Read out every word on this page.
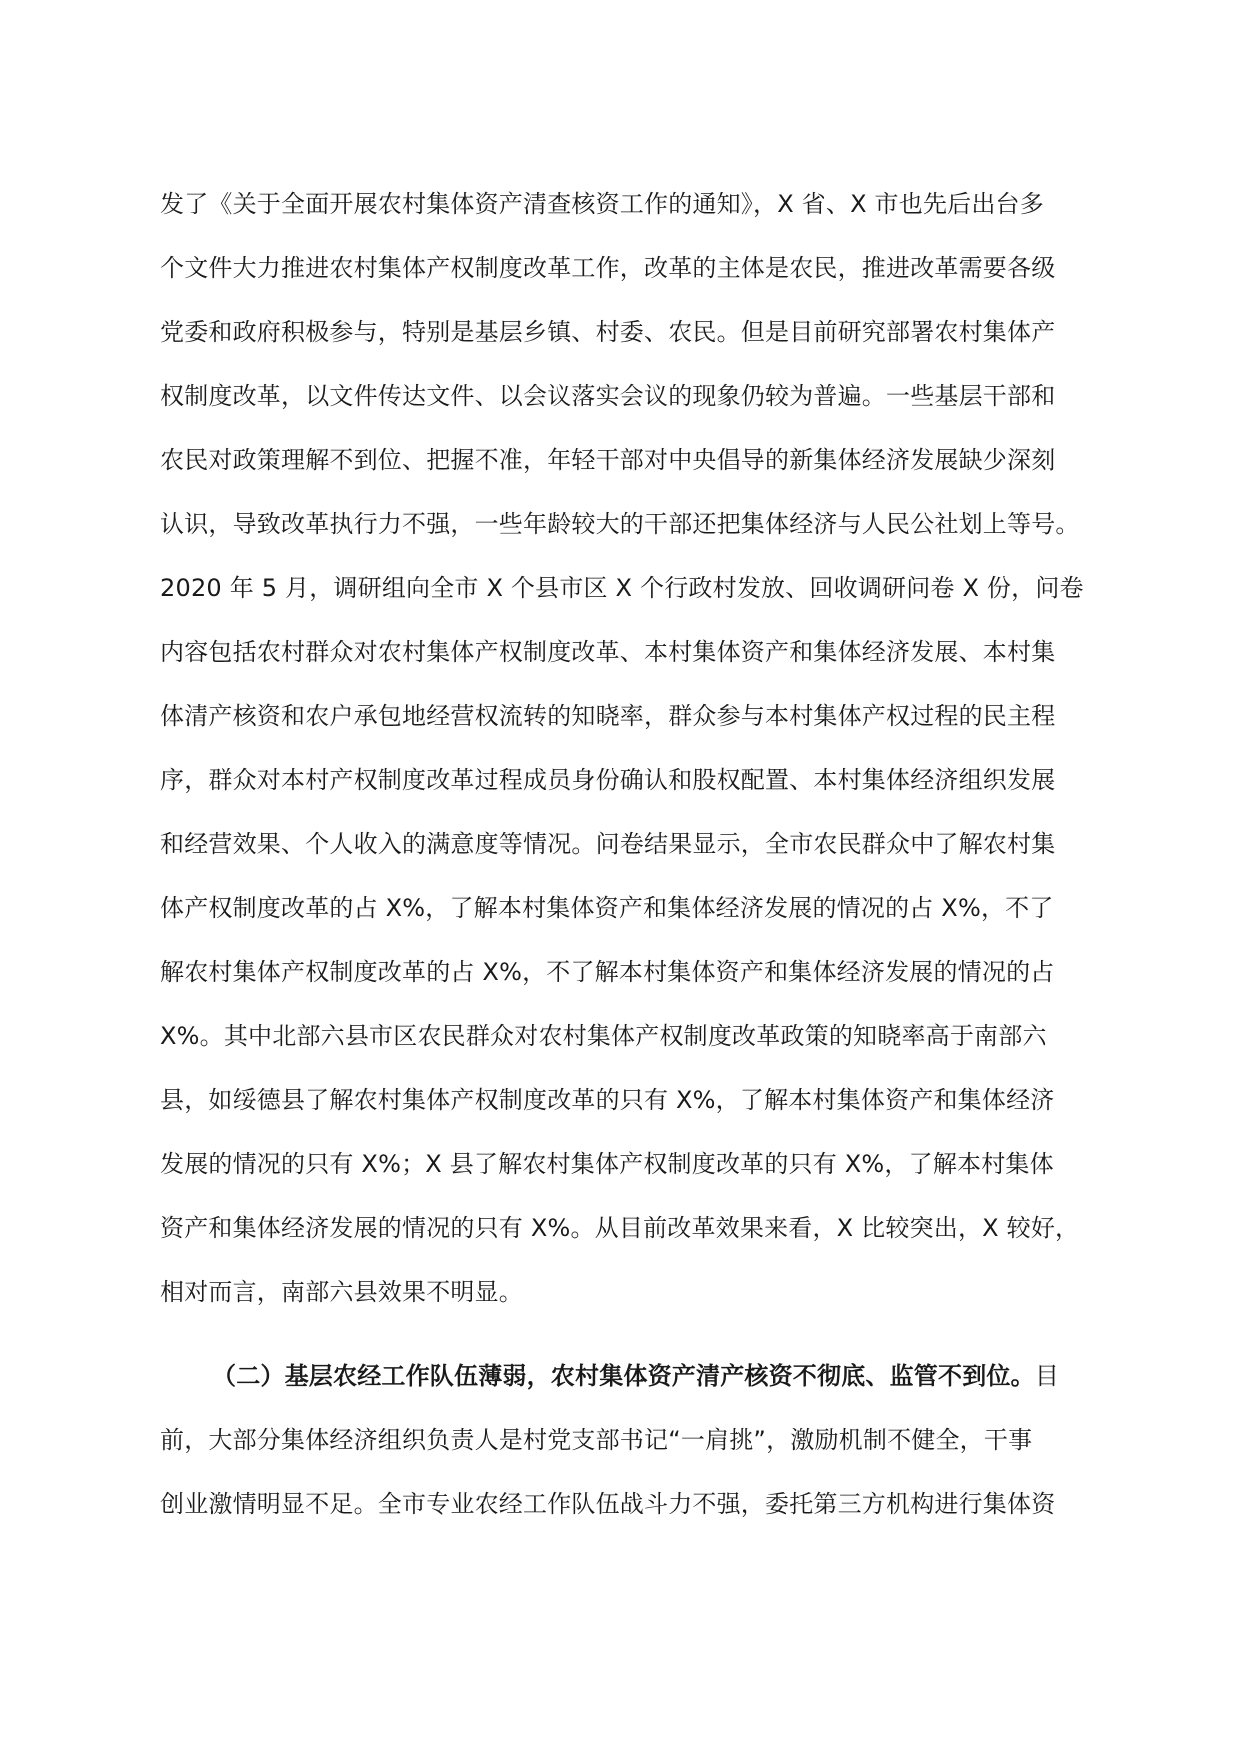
发了《关于全面开展农村集体资产清查核资工作的通知》，X 省、X 市也先后出台多
个文件大力推进农村集体产权制度改革工作，改革的主体是农民，推进改革需要各级
党委和政府积极参与，特别是基层乡镇、村委、农民。但是目前研究部署农村集体产
权制度改革，以文件传达文件、以会议落实会议的现象仍较为普遍。一些基层干部和
农民对政策理解不到位、把握不准，年轻干部对中央倡导的新集体经济发展缺少深刻
认识，导致改革执行力不强，一些年龄较大的干部还把集体经济与人民公社划上等号。
2020 年 5 月，调研组向全市 X 个县市区 X 个行政村发放、回收调研问卷 X 份，问卷
内容包括农村群众对农村集体产权制度改革、本村集体资产和集体经济发展、本村集
体清产核资和农户承包地经营权流转的知晓率，群众参与本村集体产权过程的民主程
序，群众对本村产权制度改革过程成员身份确认和股权配置、本村集体经济组织发展
和经营效果、个人收入的满意度等情况。问卷结果显示，全市农民群众中了解农村集
体产权制度改革的占 X%，了解本村集体资产和集体经济发展的情况的占 X%，不了
解农村集体产权制度改革的占 X%，不了解本村集体资产和集体经济发展的情况的占
X%。其中北部六县市区农民群众对农村集体产权制度改革政策的知晓率高于南部六
县，如绥德县了解农村集体产权制度改革的只有 X%，了解本村集体资产和集体经济
发展的情况的只有 X%；X 县了解农村集体产权制度改革的只有 X%，了解本村集体
资产和集体经济发展的情况的只有 X%。从目前改革效果来看，X 比较突出，X 较好，
相对而言，南部六县效果不明显。
（二）基层农经工作队伍薄弱，农村集体资产清产核资不彻底、监管不到位。目
前，大部分集体经济组织负责人是村党支部书记“一肩挑”，激励机制不健全，干事
创业激情明显不足。全市专业农经工作队伍战斗力不强，委托第三方机构进行集体资
